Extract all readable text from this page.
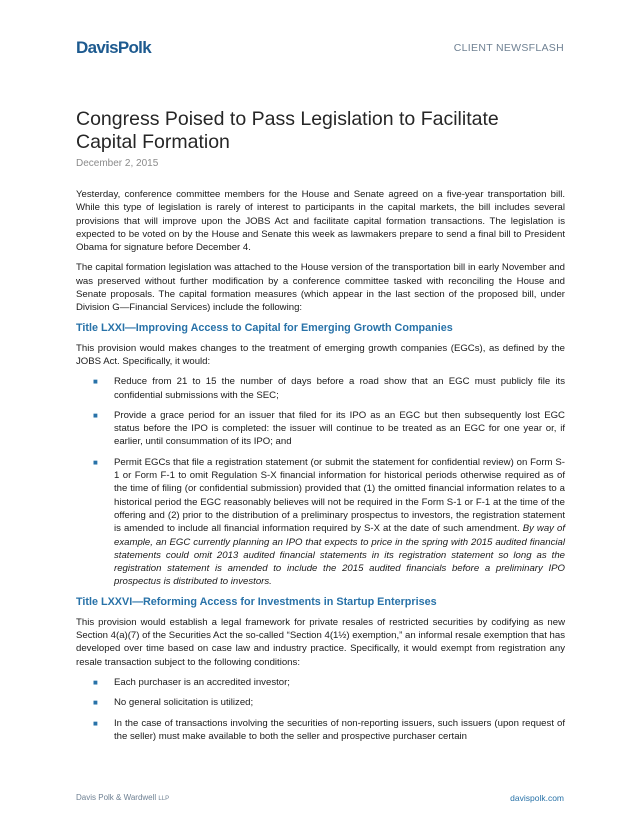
DavisPolk	CLIENT NEWSFLASH
Congress Poised to Pass Legislation to Facilitate Capital Formation
December 2, 2015

Yesterday, conference committee members for the House and Senate agreed on a five-year transportation bill. While this type of legislation is rarely of interest to participants in the capital markets, the bill includes several provisions that will improve upon the JOBS Act and facilitate capital formation transactions. The legislation is expected to be voted on by the House and Senate this week as lawmakers prepare to send a final bill to President Obama for signature before December 4.

The capital formation legislation was attached to the House version of the transportation bill in early November and was preserved without further modification by a conference committee tasked with reconciling the House and Senate proposals. The capital formation measures (which appear in the last section of the proposed bill, under Division G—Financial Services) include the following:

Title LXXI—Improving Access to Capital for Emerging Growth Companies

This provision would makes changes to the treatment of emerging growth companies (EGCs), as defined by the JOBS Act. Specifically, it would:

■ Reduce from 21 to 15 the number of days before a road show that an EGC must publicly file its confidential submissions with the SEC;
■ Provide a grace period for an issuer that filed for its IPO as an EGC but then subsequently lost EGC status before the IPO is completed: the issuer will continue to be treated as an EGC for one year or, if earlier, until consummation of its IPO; and
■ Permit EGCs that file a registration statement (or submit the statement for confidential review) on Form S-1 or Form F-1 to omit Regulation S-X financial information for historical periods otherwise required as of the time of filing (or confidential submission) provided that (1) the omitted financial information relates to a historical period the EGC reasonably believes will not be required in the Form S-1 or F-1 at the time of the offering and (2) prior to the distribution of a preliminary prospectus to investors, the registration statement is amended to include all financial information required by S-X at the date of such amendment. By way of example, an EGC currently planning an IPO that expects to price in the spring with 2015 audited financial statements could omit 2013 audited financial statements in its registration statement so long as the registration statement is amended to include the 2015 audited financials before a preliminary IPO prospectus is distributed to investors.
Title LXXVI—Reforming Access for Investments in Startup Enterprises

This provision would establish a legal framework for private resales of restricted securities by codifying as new Section 4(a)(7) of the Securities Act the so-called “Section 4(1½) exemption,” an informal resale exemption that has developed over time based on case law and industry practice. Specifically, it would exempt from registration any resale transaction subject to the following conditions:

■ Each purchaser is an accredited investor;
■ No general solicitation is utilized;
■ In the case of transactions involving the securities of non-reporting issuers, such issuers (upon request of the seller) must make available to both the seller and prospective purchaser certain
Davis Polk & Wardwell LLP	davispolk.com
